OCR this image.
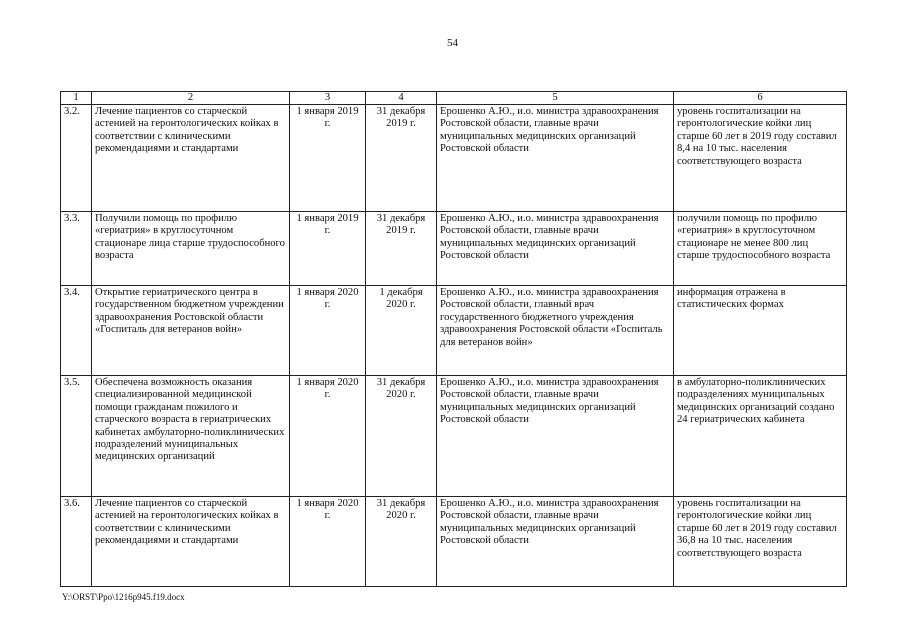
54
1	2	3	4	5	6
3.2.	Лечение пациентов со старческой астенией на геронтологических койках в соответствии с клиническими рекомендациями и стандартами	1 января 2019 г.	31 декабря 2019 г.	Ерошенко А.Ю., и.о. министра здравоохранения Ростовской области, главные врачи муниципальных медицинских организаций Ростовской области	уровень госпитализации на геронтологические койки лиц старше 60 лет в 2019 году составил 8,4 на 10 тыс. населения соответствующего возраста
3.3.	Получили помощь по профилю «гериатрия» в круглосуточном стационаре лица старше трудоспособного возраста	1 января 2019 г.	31 декабря 2019 г.	Ерошенко А.Ю., и.о. министра здравоохранения Ростовской области, главные врачи муниципальных медицинских организаций Ростовской области	получили помощь по профилю «гериатрия» в круглосуточном стационаре не менее 800 лиц старше трудоспособного возраста
3.4.	Открытие гериатрического центра в государственном бюджетном учреждении здравоохранения Ростовской области «Госпиталь для ветеранов войн»	1 января 2020 г.	1 декабря 2020 г.	Ерошенко А.Ю., и.о. министра здравоохранения Ростовской области, главный врач государственного бюджетного учреждения здравоохранения Ростовской области «Госпиталь для ветеранов войн»	информация отражена в статистических формах
3.5.	Обеспечена возможность оказания специализированной медицинской помощи гражданам пожилого и старческого возраста в гериатрических кабинетах амбулаторно-поликлинических подразделений муниципальных медицинских организаций	1 января 2020 г.	31 декабря 2020 г.	Ерошенко А.Ю., и.о. министра здравоохранения Ростовской области, главные врачи муниципальных медицинских организаций Ростовской области	в амбулаторно-поликлинических подразделениях муниципальных медицинских организаций создано 24 гериатрических кабинета
3.6.	Лечение пациентов со старческой астенией на геронтологических койках в соответствии с клиническими рекомендациями и стандартами	1 января 2020 г.	31 декабря 2020 г.	Ерошенко А.Ю., и.о. министра здравоохранения Ростовской области, главные врачи муниципальных медицинских организаций Ростовской области	уровень госпитализации на геронтологические койки лиц старше 60 лет в 2019 году составил 36,8 на 10 тыс. населения соответствующего возраста
Y:\ORST\Ppo\1216p945.f19.docx
